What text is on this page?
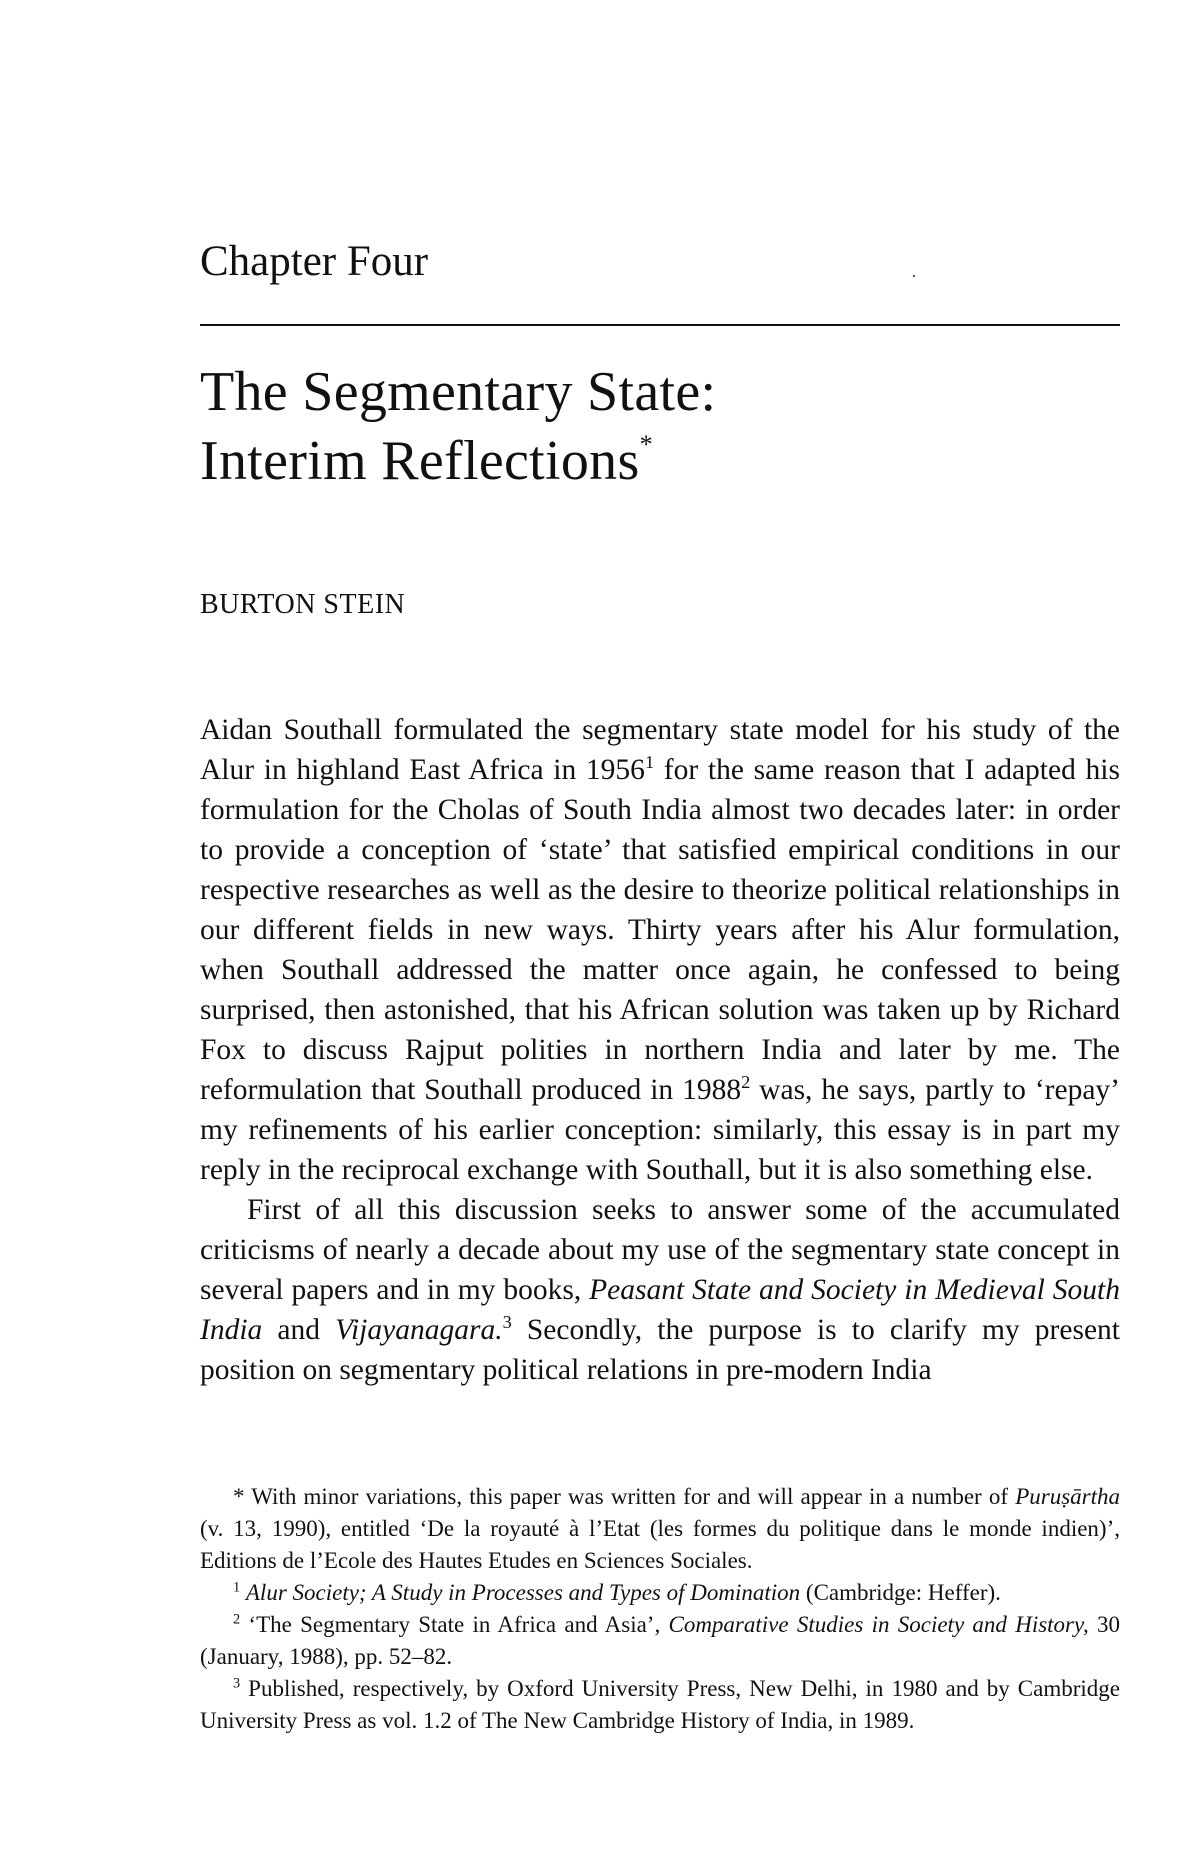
Chapter Four
The Segmentary State:
Interim Reflections*
BURTON STEIN

Aidan Southall formulated the segmentary state model for his study of the Alur in highland East Africa in 1956$^1$ for the same reason that I adapted his formulation for the Cholas of South India almost two decades later: in order to provide a conception of ‘state’ that satisfied empirical conditions in our respective researches as well as the desire to theorize political relationships in our different fields in new ways. Thirty years after his Alur formulation, when Southall addressed the matter once again, he confessed to being surprised, then astonished, that his African solution was taken up by Richard Fox to discuss Rajput polities in northern India and later by me. The reformulation that Southall produced in 1988$^2$ was, he says, partly to ‘repay’ my refinements of his earlier conception: similarly, this essay is in part my reply in the reciprocal exchange with Southall, but it is also something else.

First of all this discussion seeks to answer some of the accumulated criticisms of nearly a decade about my use of the segmentary state concept in several papers and in my books, Peasant State and Society in Medieval South India and Vijayanagara.$^3$ Secondly, the purpose is to clarify my present position on segmentary political relations in pre-modern India

* With minor variations, this paper was written for and will appear in a number of Puruṣārtha (v. 13, 1990), entitled ‘De la royauté à l’Etat (les formes du politique dans le monde indien)’, Editions de l’Ecole des Hautes Etudes en Sciences Sociales.

$^1$ Alur Society; A Study in Processes and Types of Domination (Cambridge: Heffer).

$^2$ ‘The Segmentary State in Africa and Asia’, Comparative Studies in Society and History, 30 (January, 1988), pp. 52–82.

$^3$ Published, respectively, by Oxford University Press, New Delhi, in 1980 and by Cambridge University Press as vol. 1.2 of The New Cambridge History of India, in 1989.
